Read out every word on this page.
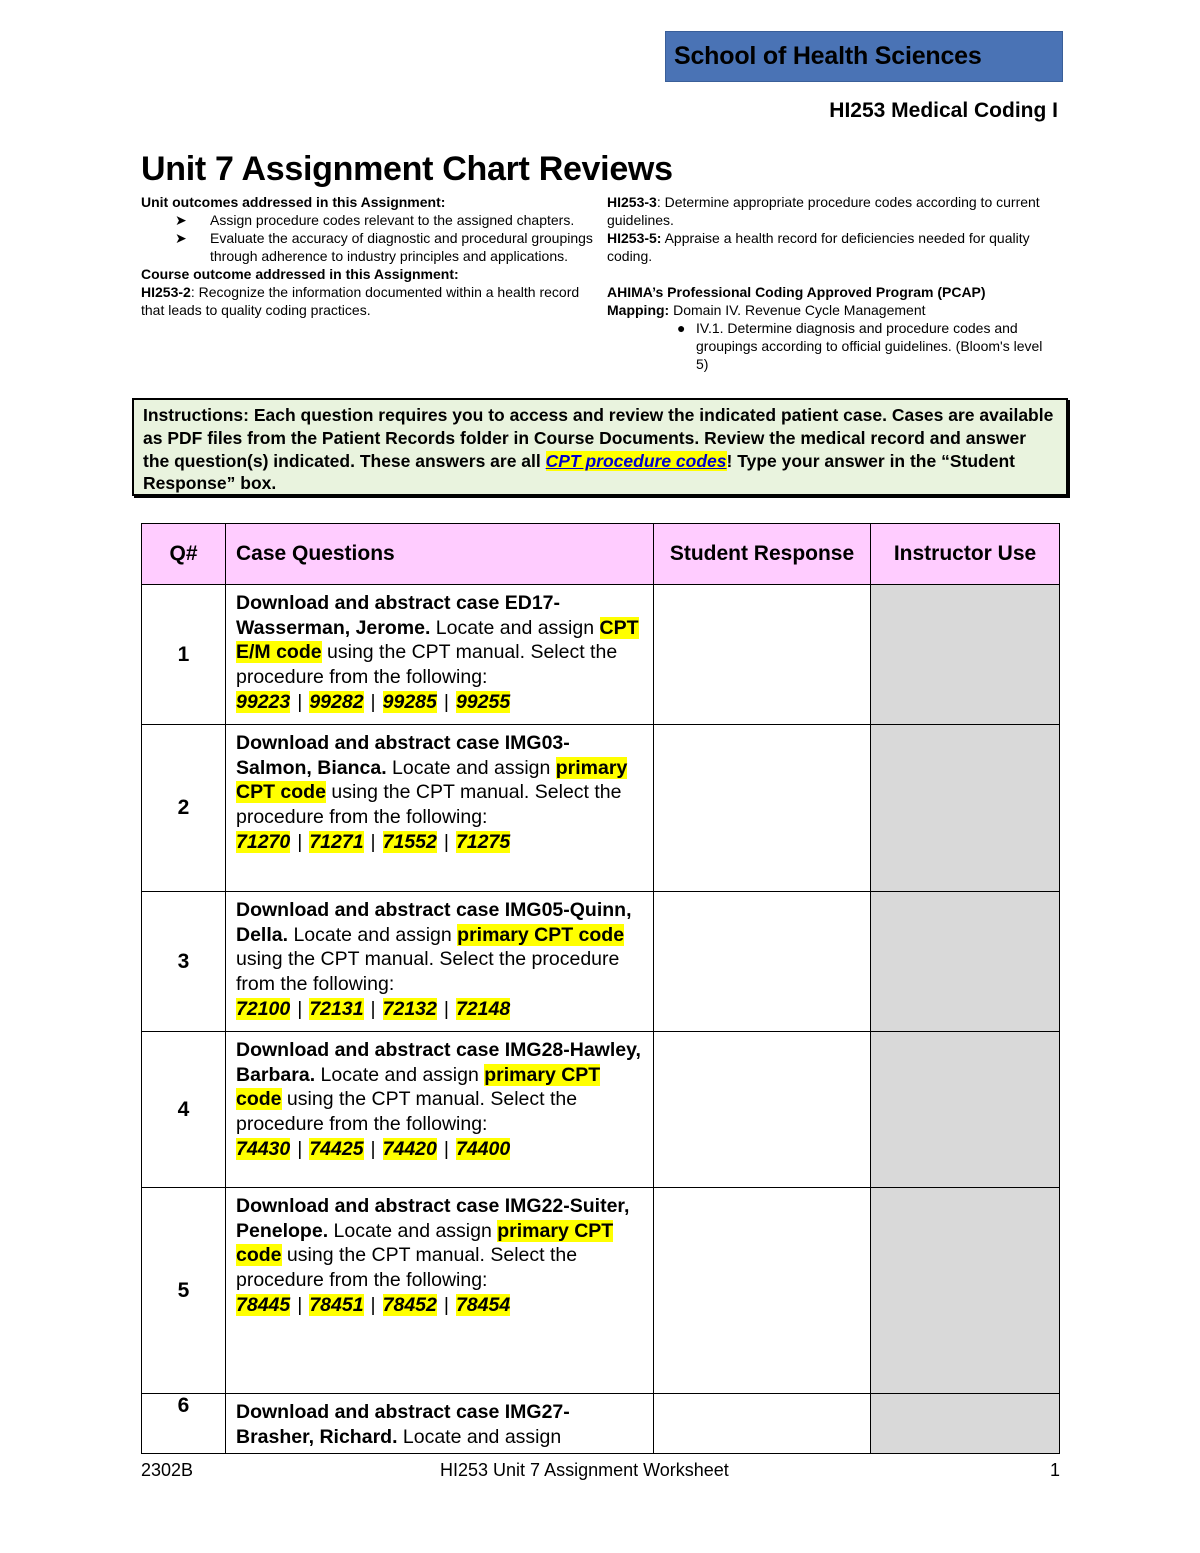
School of Health Sciences
HI253 Medical Coding I
Unit 7 Assignment Chart Reviews
Unit outcomes addressed in this Assignment:
➤ Assign procedure codes relevant to the assigned chapters.
➤ Evaluate the accuracy of diagnostic and procedural groupings through adherence to industry principles and applications.
Course outcome addressed in this Assignment:
HI253-2: Recognize the information documented within a health record that leads to quality coding practices.
HI253-3: Determine appropriate procedure codes according to current guidelines.
HI253-5: Appraise a health record for deficiencies needed for quality coding.
AHIMA’s Professional Coding Approved Program (PCAP)
Mapping: Domain IV. Revenue Cycle Management
● IV.1. Determine diagnosis and procedure codes and groupings according to official guidelines. (Bloom's level 5)
Instructions: Each question requires you to access and review the indicated patient case. Cases are available as PDF files from the Patient Records folder in Course Documents. Review the medical record and answer the question(s) indicated. These answers are all CPT procedure codes! Type your answer in the “Student Response” box.
Q#	Case Questions	Student Response	Instructor Use
1	Download and abstract case ED17-Wasserman, Jerome. Locate and assign CPT E/M code using the CPT manual. Select the procedure from the following:
99223 | 99282 | 99285 | 99255		
2	Download and abstract case IMG03-Salmon, Bianca. Locate and assign primary CPT code using the CPT manual. Select the procedure from the following:
71270 | 71271 | 71552 | 71275		
3	Download and abstract case IMG05-Quinn, Della. Locate and assign primary CPT code using the CPT manual. Select the procedure from the following:
72100 | 72131 | 72132 | 72148		
4	Download and abstract case IMG28-Hawley, Barbara. Locate and assign primary CPT code using the CPT manual. Select the procedure from the following:
74430 | 74425 | 74420 | 74400		
5	Download and abstract case IMG22-Suiter, Penelope. Locate and assign primary CPT code using the CPT manual. Select the procedure from the following:
78445 | 78451 | 78452 | 78454		
6	Download and abstract case IMG27-Brasher, Richard. Locate and assign		
2302B	HI253 Unit 7 Assignment Worksheet	1
